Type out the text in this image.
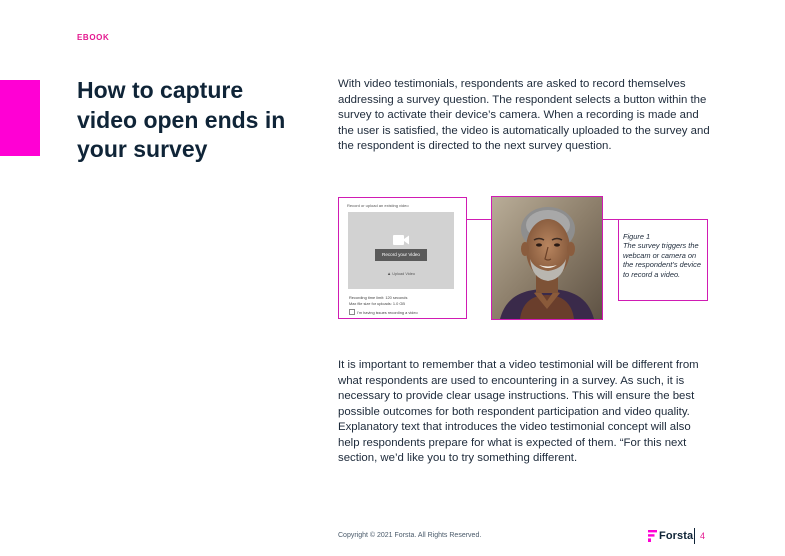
EBOOK
How to capture video open ends in your survey

With video testimonials, respondents are asked to record themselves addressing a survey question. The respondent selects a button within the survey to activate their device’s camera. When a recording is made and the user is satisfied, the video is automatically uploaded to the survey and the respondent is directed to the next survey question.

Record or upload an existing video
Record your Video
▲ Upload Video
Recording time limit: 120 seconds
Max file size for uploads: 1.0 GB
I'm having issues recording a video
Figure 1
The survey triggers the webcam or camera on the respondent’s device to record a video.

It is important to remember that a video testimonial will be different from what respondents are used to encountering in a survey. As such, it is necessary to provide clear usage instructions. This will ensure the best possible outcomes for both respondent participation and video quality. Explanatory text that introduces the video testimonial concept will also help respondents prepare for what is expected of them. “For this next section, we’d like you to try something different.

Copyright © 2021 Forsta. All Rights Reserved.	Forsta 4
